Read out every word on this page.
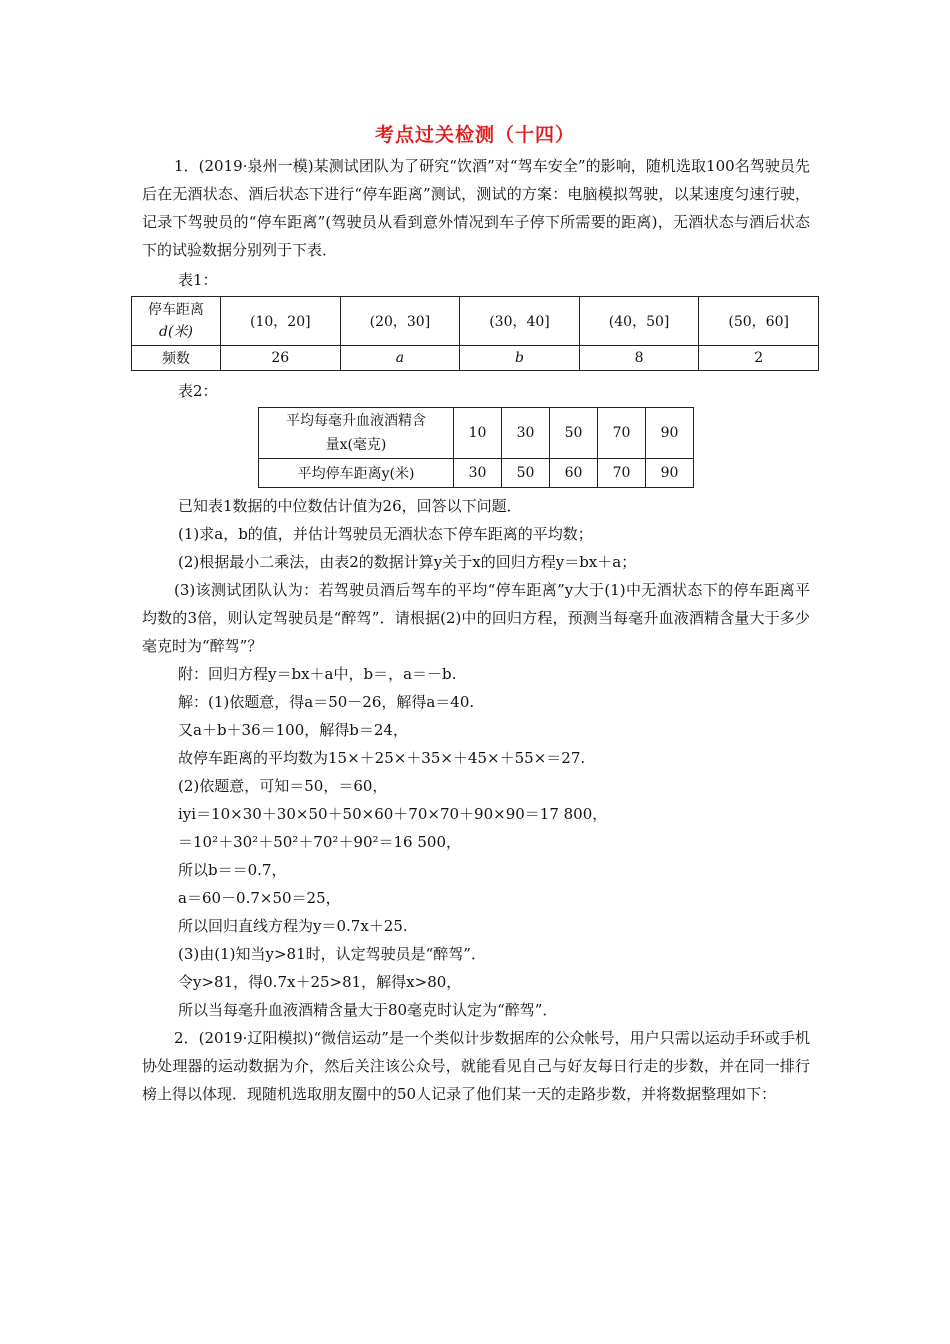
考点过关检测（十四）
1．(2019·泉州一模)某测试团队为了研究“饮酒”对“驾车安全”的影响，随机选取100名驾驶员先后在无酒状态、酒后状态下进行“停车距离”测试，测试的方案：电脑模拟驾驶，以某速度匀速行驶，记录下驾驶员的“停车距离”(驾驶员从看到意外情况到车子停下所需要的距离)，无酒状态与酒后状态下的试验数据分别列于下表．
表1：
停车距离
d(米)	(10，20]	(20，30]	(30，40]	(40，50]	(50，60]
频数	26	a	b	8	2
表2：
平均每毫升血液酒精含
量x(毫克)	10	30	50	70	90
平均停车距离y(米)	30	50	60	70	90
已知表1数据的中位数估计值为26，回答以下问题．
(1)求a，b的值，并估计驾驶员无酒状态下停车距离的平均数；
(2)根据最小二乘法，由表2的数据计算y关于x的回归方程y＝bx＋a；
(3)该测试团队认为：若驾驶员酒后驾车的平均“停车距离”y大于(1)中无酒状态下的停车距离平均数的3倍，则认定驾驶员是“醉驾”．请根据(2)中的回归方程，预测当每毫升血液酒精含量大于多少毫克时为“醉驾”？
附：回归方程y＝bx＋a中，b＝，a＝－b.
解：(1)依题意，得a＝50－26，解得a＝40.
又a＋b＋36＝100，解得b＝24，
故停车距离的平均数为15×＋25×＋35×＋45×＋55×＝27.
(2)依题意，可知＝50，＝60，
iyi＝10×30＋30×50＋50×60＋70×70＋90×90＝17 800，
＝10²＋30²＋50²＋70²＋90²＝16 500，
所以b＝＝0.7，
a＝60－0.7×50＝25，
所以回归直线方程为y＝0.7x＋25.
(3)由(1)知当y>81时，认定驾驶员是“醉驾”．
令y>81，得0.7x＋25>81，解得x>80，
所以当每毫升血液酒精含量大于80毫克时认定为“醉驾”．
2．(2019·辽阳模拟)“微信运动”是一个类似计步数据库的公众帐号，用户只需以运动手环或手机协处理器的运动数据为介，然后关注该公众号，就能看见自己与好友每日行走的步数，并在同一排行榜上得以体现．现随机选取朋友圈中的50人记录了他们某一天的走路步数，并将数据整理如下：
